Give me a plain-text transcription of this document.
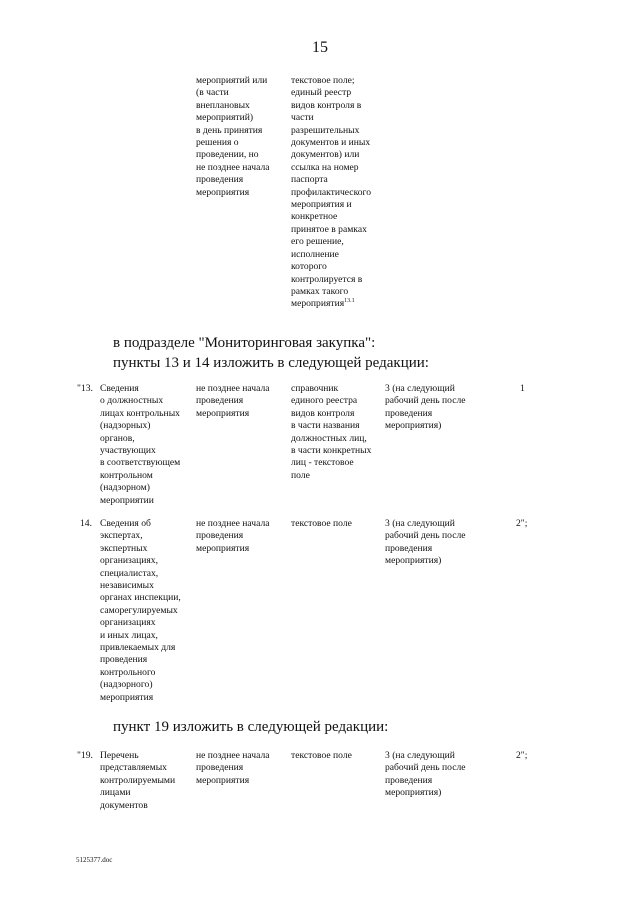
15
мероприятий или
(в части
внеплановых
мероприятий)
в день принятия
решения о
проведении, но
не позднее начала
проведения
мероприятия
текстовое поле;
единый реестр
видов контроля в
части
разрешительных
документов и иных
документов) или
ссылка на номер
паспорта
профилактического
мероприятия и
конкретное
принятое в рамках
его решение,
исполнение
которого
контролируется в
рамках такого
мероприятия$^{13.1}$
в подразделе "Мониторинговая закупка":
пункты 13 и 14 изложить в следующей редакции:
"13. Сведения
о должностных
лицах контрольных
(надзорных)
органов,
участвующих
в соответствующем
контрольном
(надзорном)
мероприятии
не позднее начала
проведения
мероприятия
справочник
единого реестра
видов контроля
в части названия
должностных лиц,
в части конкретных
лиц - текстовое
поле
3 (на следующий
рабочий день после
проведения
мероприятия)
1
14. Сведения об
экспертах,
экспертных
организациях,
специалистах,
независимых
органах инспекции,
саморегулируемых
организациях
и иных лицах,
привлекаемых для
проведения
контрольного
(надзорного)
мероприятия
не позднее начала
проведения
мероприятия
текстовое поле	3 (на следующий
рабочий день после
проведения
мероприятия)
2";
пункт 19 изложить в следующей редакции:
"19. Перечень
представляемых
контролируемыми
лицами
документов
не позднее начала
проведения
мероприятия
текстовое поле	3 (на следующий
рабочий день после
проведения
мероприятия)
2";
5125377.doc
